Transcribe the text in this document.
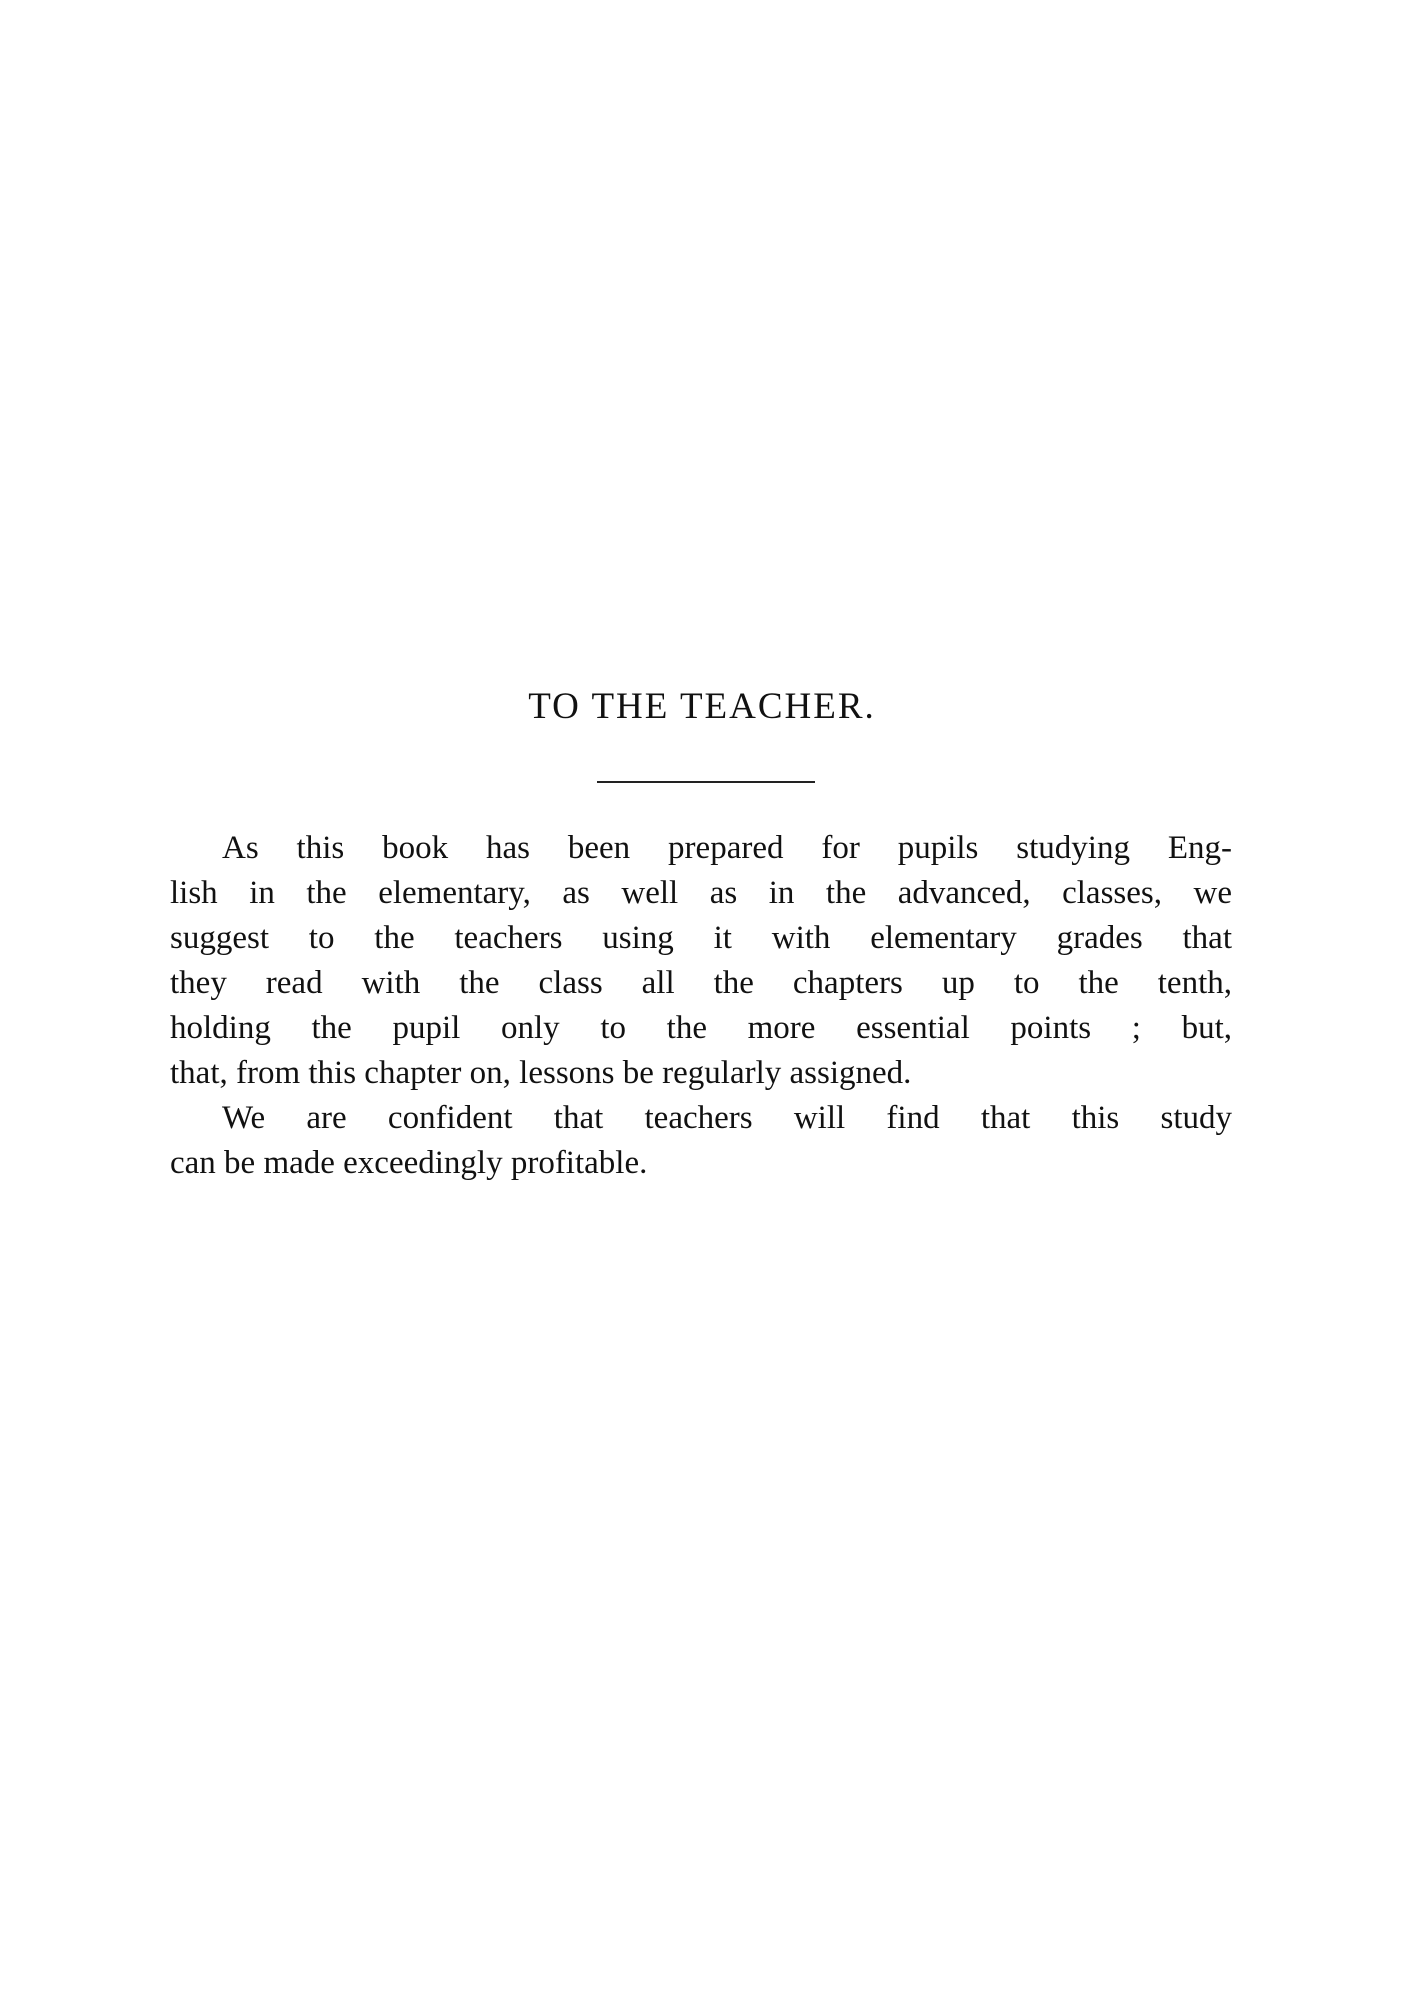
TO THE TEACHER.
As this book has been prepared for pupils studying Eng-
lish in the elementary, as well as in the advanced, classes, we
suggest to the teachers using it with elementary grades that
they read with the class all the chapters up to the tenth,
holding the pupil only to the more essential points ; but,
that, from this chapter on, lessons be regularly assigned.
We are confident that teachers will find that this study
can be made exceedingly profitable.
